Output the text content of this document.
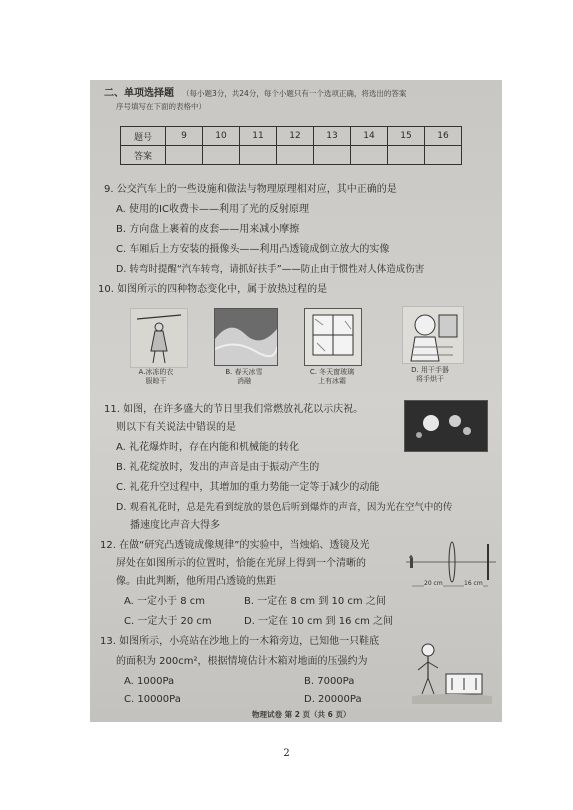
二、单项选择题 （每小题3分，共24分，每个小题只有一个选项正确，将选出的答案
序号填写在下面的表格中）
题号	9	10	11	12	13	14	15	16
答案								
9. 公交汽车上的一些设施和做法与物理原理相对应，其中正确的是
A. 使用的IC收费卡——利用了光的反射原理
B. 方向盘上裹着的皮套——用来减小摩擦
C. 车厢后上方安装的摄像头——利用凸透镜成倒立放大的实像
D. 转弯时提醒“汽车转弯，请抓好扶手”——防止由于惯性对人体造成伤害
10. 如图所示的四种物态变化中，属于放热过程的是
A.冰冻的衣
服晾干
B. 春天冰雪
消融
C. 冬天窗玻璃
上有冰霜
D. 用干手器
将手烘干
11. 如图，在许多盛大的节日里我们常燃放礼花以示庆祝。
则以下有关说法中错误的是
A. 礼花爆炸时，存在内能和机械能的转化
B. 礼花绽放时，发出的声音是由于振动产生的
C. 礼花升空过程中，其增加的重力势能一定等于减少的动能
D. 观看礼花时，总是先看到绽放的景色后听到爆炸的声音，因为光在空气中的传
播速度比声音大得多
12. 在做“研究凸透镜成像规律”的实验中，当烛焰、透镜及光
屏处在如图所示的位置时，恰能在光屏上得到一个清晰的
像。由此判断，他所用凸透镜的焦距	20 cm	16 cm
A. 一定小于 8 cm	B. 一定在 8 cm 到 10 cm 之间
C. 一定大于 20 cm	D. 一定在 10 cm 到 16 cm 之间
13. 如图所示，小亮站在沙地上的一木箱旁边，已知他一只鞋底
的面积为 200cm²，根据情境估计木箱对地面的压强约为
A. 1000Pa	B. 7000Pa
C. 10000Pa	D. 20000Pa
物理试卷 第 2 页（共 6 页）
2
